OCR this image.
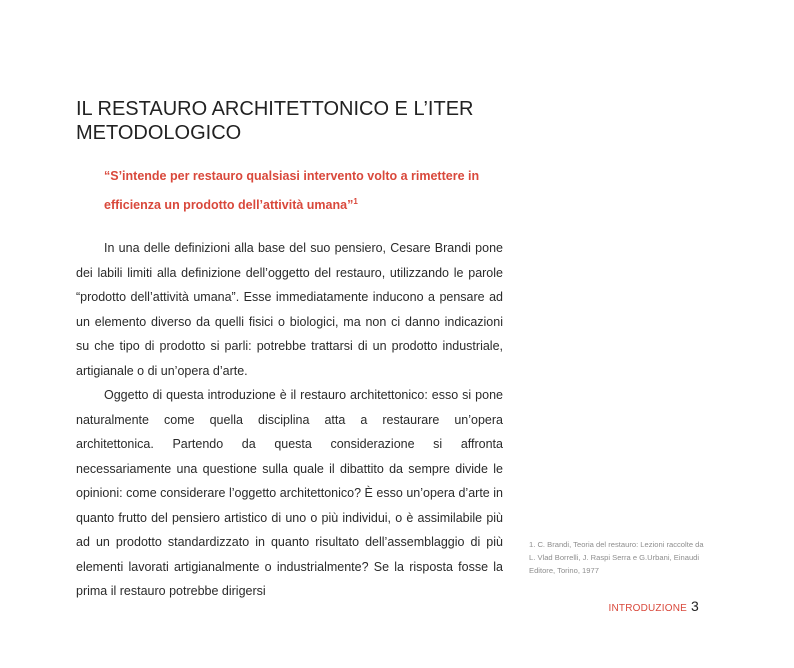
IL RESTAURO ARCHITETTONICO E L’ITER METODOLOGICO
“S’intende per restauro qualsiasi intervento volto a rimettere in efficienza un prodotto dell’attività umana”$^1$

In una delle definizioni alla base del suo pensiero, Cesare Brandi pone dei labili limiti alla definizione dell’oggetto del restauro, utilizzando le parole “prodotto dell’attività umana”. Esse immediatamente inducono a pensare ad un elemento diverso da quelli fisici o biologici, ma non ci danno indicazioni su che tipo di prodotto si parli: potrebbe trattarsi di un prodotto industriale, artigianale o di un’opera d’arte.

Oggetto di questa introduzione è il restauro architettonico: esso si pone naturalmente come quella disciplina atta a restaurare un’opera architettonica. Partendo da questa considerazione si affronta necessariamente una questione sulla quale il dibattito da sempre divide le opinioni: come considerare l’oggetto architettonico? È esso un’opera d’arte in quanto frutto del pensiero artistico di uno o più individui, o è assimilabile più ad un prodotto standardizzato in quanto risultato dell’assemblaggio di più elementi lavorati artigianalmente o industrialmente? Se la risposta fosse la prima il restauro potrebbe dirigersi

1. C. Brandi, Teoria del restauro: Lezioni raccolte da L. Vlad Borrelli, J. Raspi Serra e G.Urbani, Einaudi Editore, Torino, 1977
INTRODUZIONE 3
